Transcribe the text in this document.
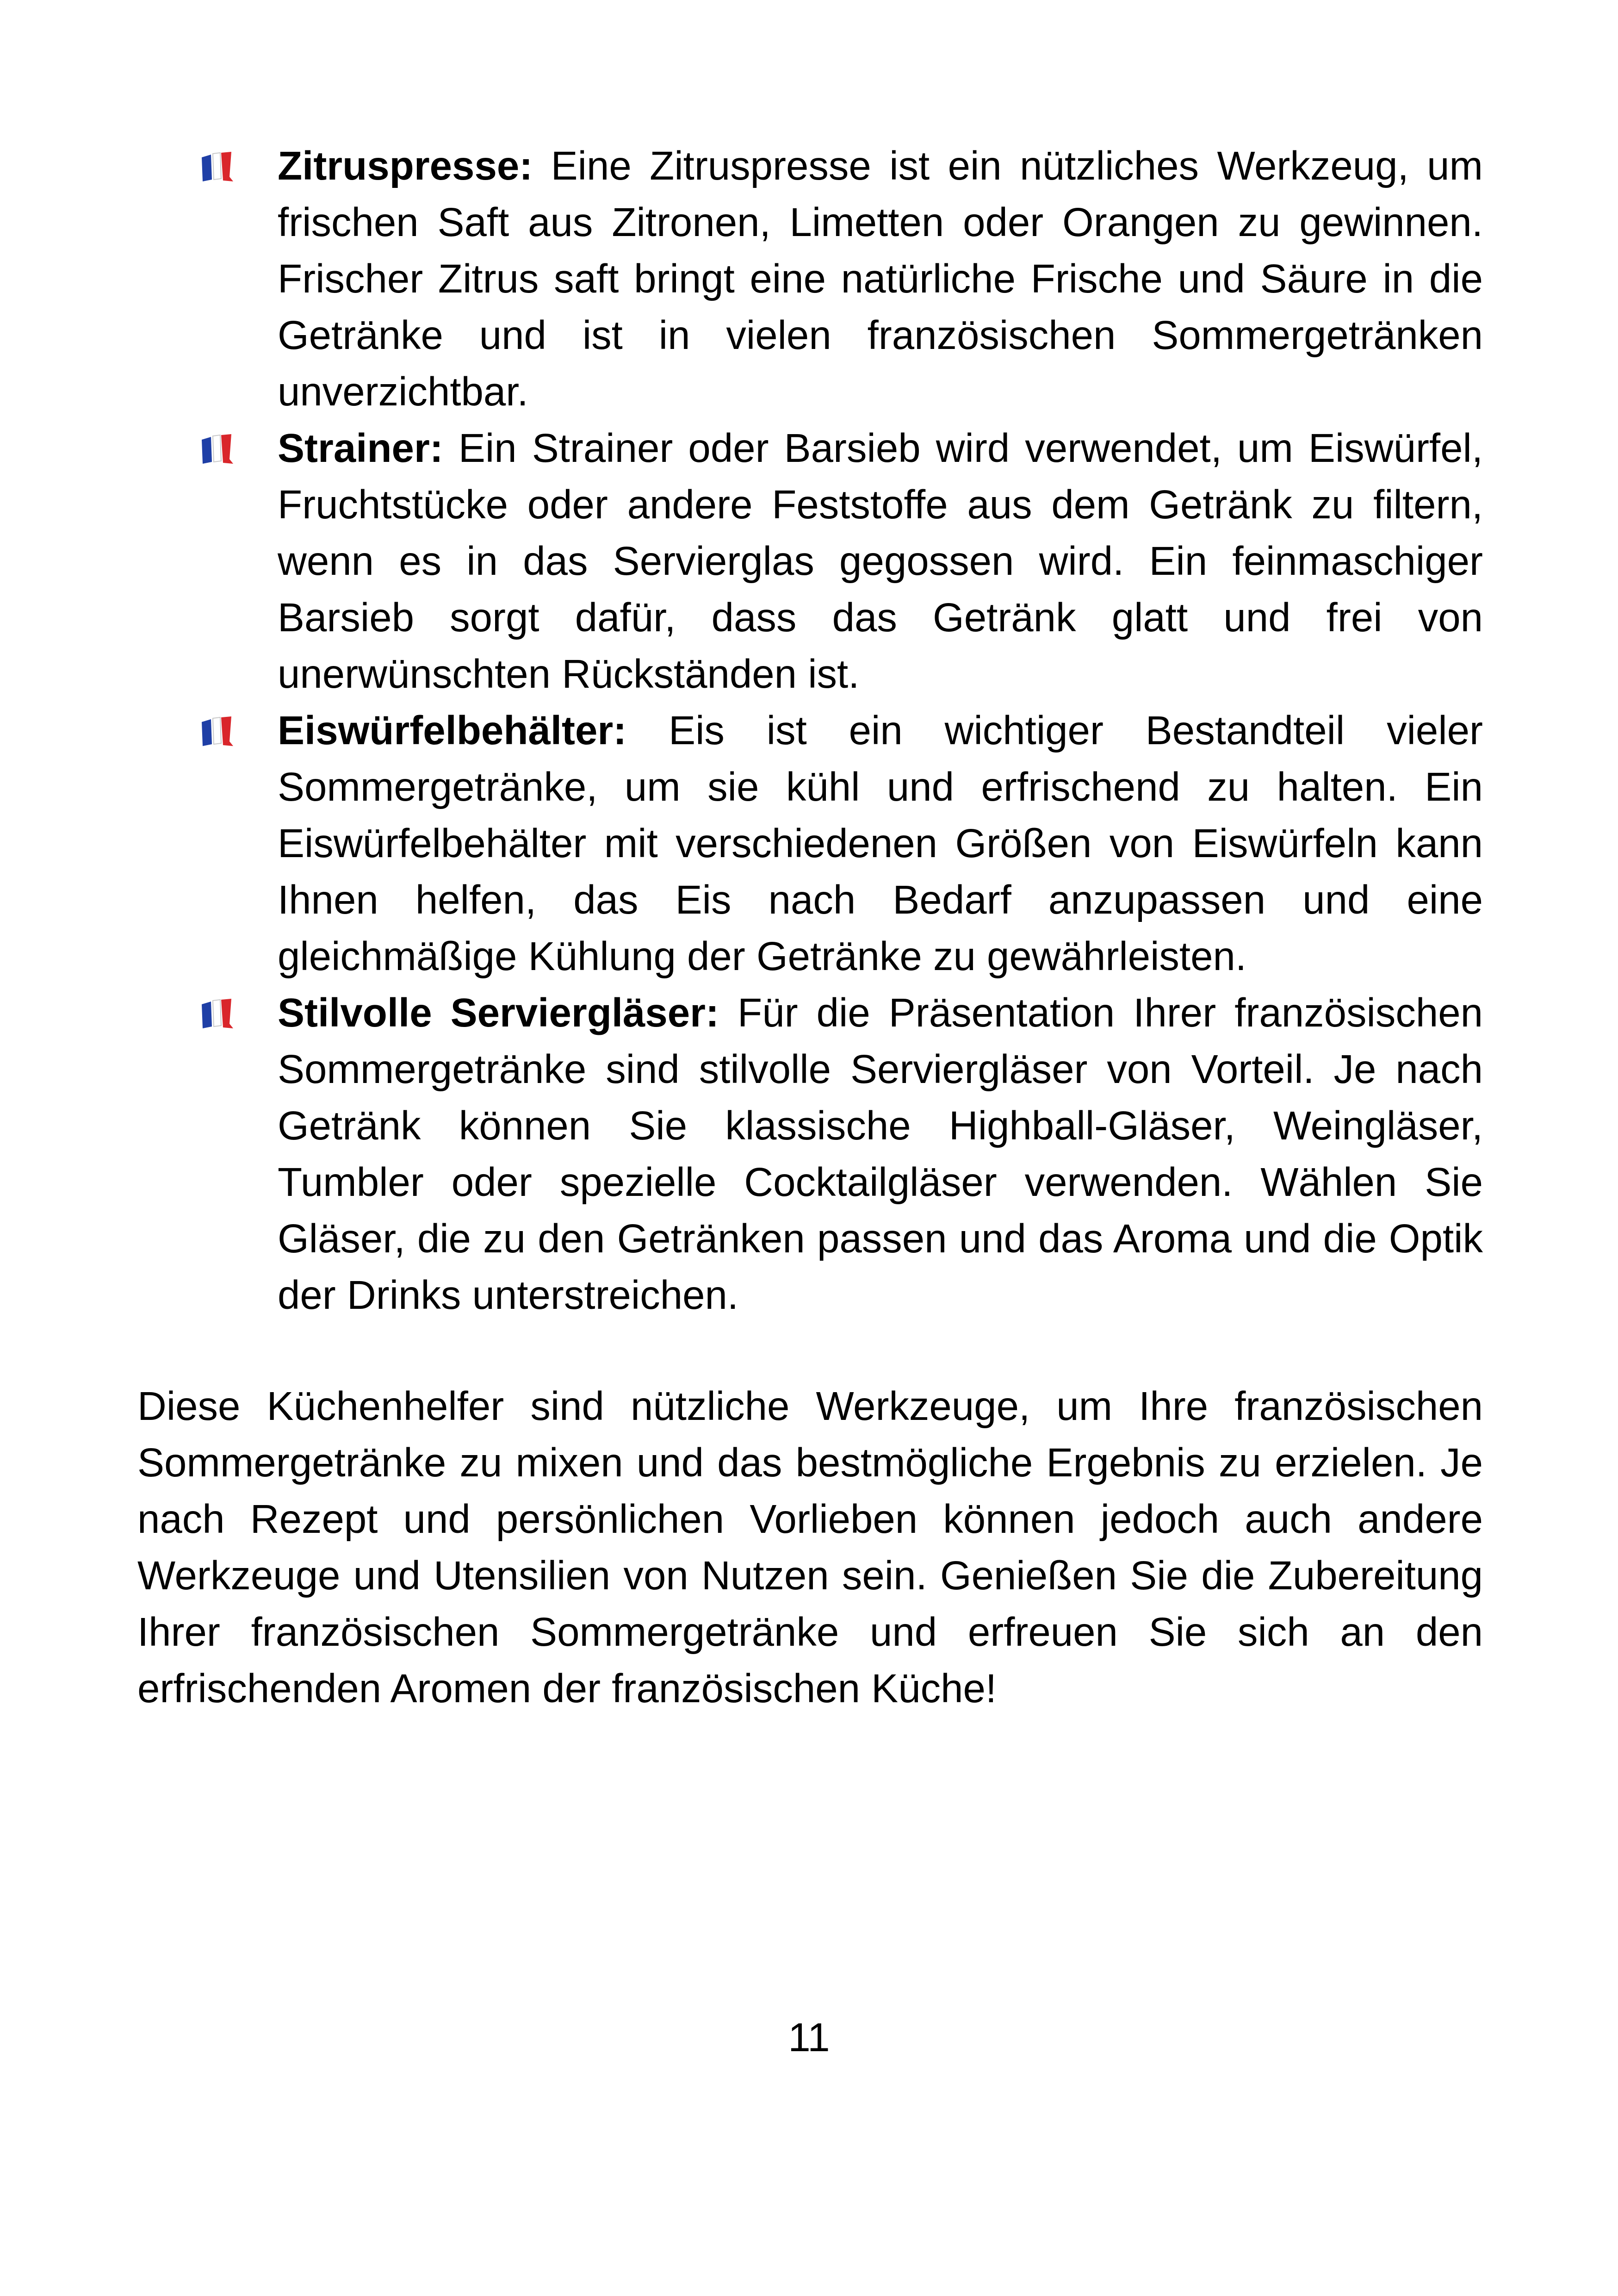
Zitruspresse: Eine Zitruspresse ist ein nützliches Werkzeug, um frischen Saft aus Zitronen, Limetten oder Orangen zu gewinnen. Frischer Zitrus saft bringt eine natürliche Frische und Säure in die Getränke und ist in vielen französischen Sommergetränken unverzichtbar.
Strainer: Ein Strainer oder Barsieb wird verwendet, um Eiswürfel, Fruchtstücke oder andere Feststoffe aus dem Getränk zu filtern, wenn es in das Servierglas gegossen wird. Ein feinmaschiger Barsieb sorgt dafür, dass das Getränk glatt und frei von unerwünschten Rückständen ist.
Eiswürfelbehälter: Eis ist ein wichtiger Bestandteil vieler Sommergetränke, um sie kühl und erfrischend zu halten. Ein Eiswürfelbehälter mit verschiedenen Größen von Eiswürfeln kann Ihnen helfen, das Eis nach Bedarf anzupassen und eine gleichmäßige Kühlung der Getränke zu gewährleisten.
Stilvolle Serviergläser: Für die Präsentation Ihrer französischen Sommergetränke sind stilvolle Serviergläser von Vorteil. Je nach Getränk können Sie klassische Highball-Gläser, Weingläser, Tumbler oder spezielle Cocktailgläser verwenden. Wählen Sie Gläser, die zu den Getränken passen und das Aroma und die Optik der Drinks unterstreichen.

Diese Küchenhelfer sind nützliche Werkzeuge, um Ihre französischen Sommergetränke zu mixen und das bestmögliche Ergebnis zu erzielen. Je nach Rezept und persönlichen Vorlieben können jedoch auch andere Werkzeuge und Utensilien von Nutzen sein. Genießen Sie die Zubereitung Ihrer französischen Sommergetränke und erfreuen Sie sich an den erfrischenden Aromen der französischen Küche!

11
